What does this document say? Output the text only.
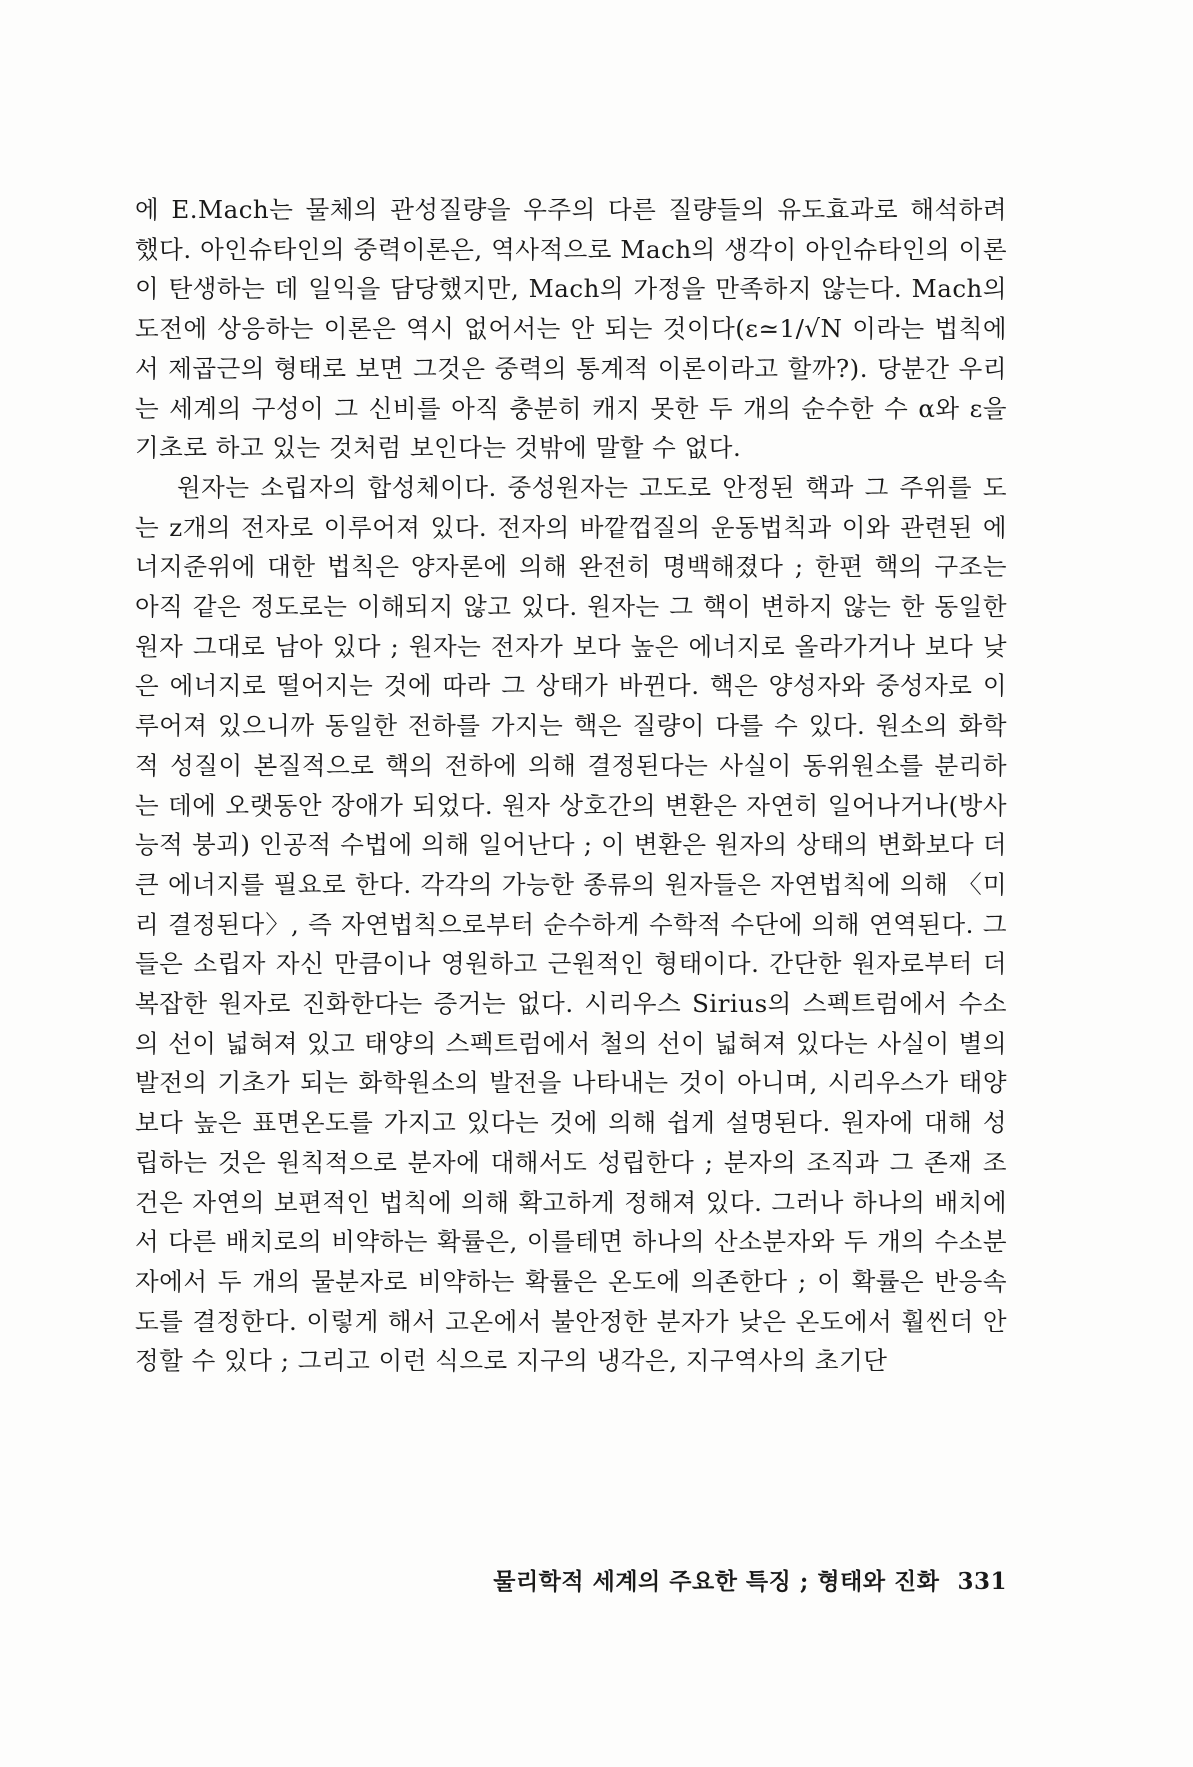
에 E.Mach는 물체의 관성질량을 우주의 다른 질량들의 유도효과로 해석하려 했다. 아인슈타인의 중력이론은, 역사적으로 Mach의 생각이 아인슈타인의 이론이 탄생하는 데 일익을 담당했지만, Mach의 가정을 만족하지 않는다. Mach의 도전에 상응하는 이론은 역시 없어서는 안 되는 것이다(ε≃1/√N 이라는 법칙에서 제곱근의 형태로 보면 그것은 중력의 통계적 이론이라고 할까?). 당분간 우리는 세계의 구성이 그 신비를 아직 충분히 캐지 못한 두 개의 순수한 수 α와 ε을 기초로 하고 있는 것처럼 보인다는 것밖에 말할 수 없다.

원자는 소립자의 합성체이다. 중성원자는 고도로 안정된 핵과 그 주위를 도는 z개의 전자로 이루어져 있다. 전자의 바깥껍질의 운동법칙과 이와 관련된 에너지준위에 대한 법칙은 양자론에 의해 완전히 명백해졌다 ; 한편 핵의 구조는 아직 같은 정도로는 이해되지 않고 있다. 원자는 그 핵이 변하지 않는 한 동일한 원자 그대로 남아 있다 ; 원자는 전자가 보다 높은 에너지로 올라가거나 보다 낮은 에너지로 떨어지는 것에 따라 그 상태가 바뀐다. 핵은 양성자와 중성자로 이루어져 있으니까 동일한 전하를 가지는 핵은 질량이 다를 수 있다. 원소의 화학적 성질이 본질적으로 핵의 전하에 의해 결정된다는 사실이 동위원소를 분리하는 데에 오랫동안 장애가 되었다. 원자 상호간의 변환은 자연히 일어나거나(방사능적 붕괴) 인공적 수법에 의해 일어난다 ; 이 변환은 원자의 상태의 변화보다 더 큰 에너지를 필요로 한다. 각각의 가능한 종류의 원자들은 자연법칙에 의해 〈미리 결정된다〉, 즉 자연법칙으로부터 순수하게 수학적 수단에 의해 연역된다. 그들은 소립자 자신 만큼이나 영원하고 근원적인 형태이다. 간단한 원자로부터 더 복잡한 원자로 진화한다는 증거는 없다. 시리우스 Sirius의 스펙트럼에서 수소의 선이 넓혀져 있고 태양의 스펙트럼에서 철의 선이 넓혀져 있다는 사실이 별의 발전의 기초가 되는 화학원소의 발전을 나타내는 것이 아니며, 시리우스가 태양보다 높은 표면온도를 가지고 있다는 것에 의해 쉽게 설명된다. 원자에 대해 성립하는 것은 원칙적으로 분자에 대해서도 성립한다 ; 분자의 조직과 그 존재 조건은 자연의 보편적인 법칙에 의해 확고하게 정해져 있다. 그러나 하나의 배치에서 다른 배치로의 비약하는 확률은, 이를테면 하나의 산소분자와 두 개의 수소분자에서 두 개의 물분자로 비약하는 확률은 온도에 의존한다 ; 이 확률은 반응속도를 결정한다. 이렇게 해서 고온에서 불안정한 분자가 낮은 온도에서 훨씬더 안정할 수 있다 ; 그리고 이런 식으로 지구의 냉각은, 지구역사의 초기단

물리학적 세계의 주요한 특징 ; 형태와 진화 331
